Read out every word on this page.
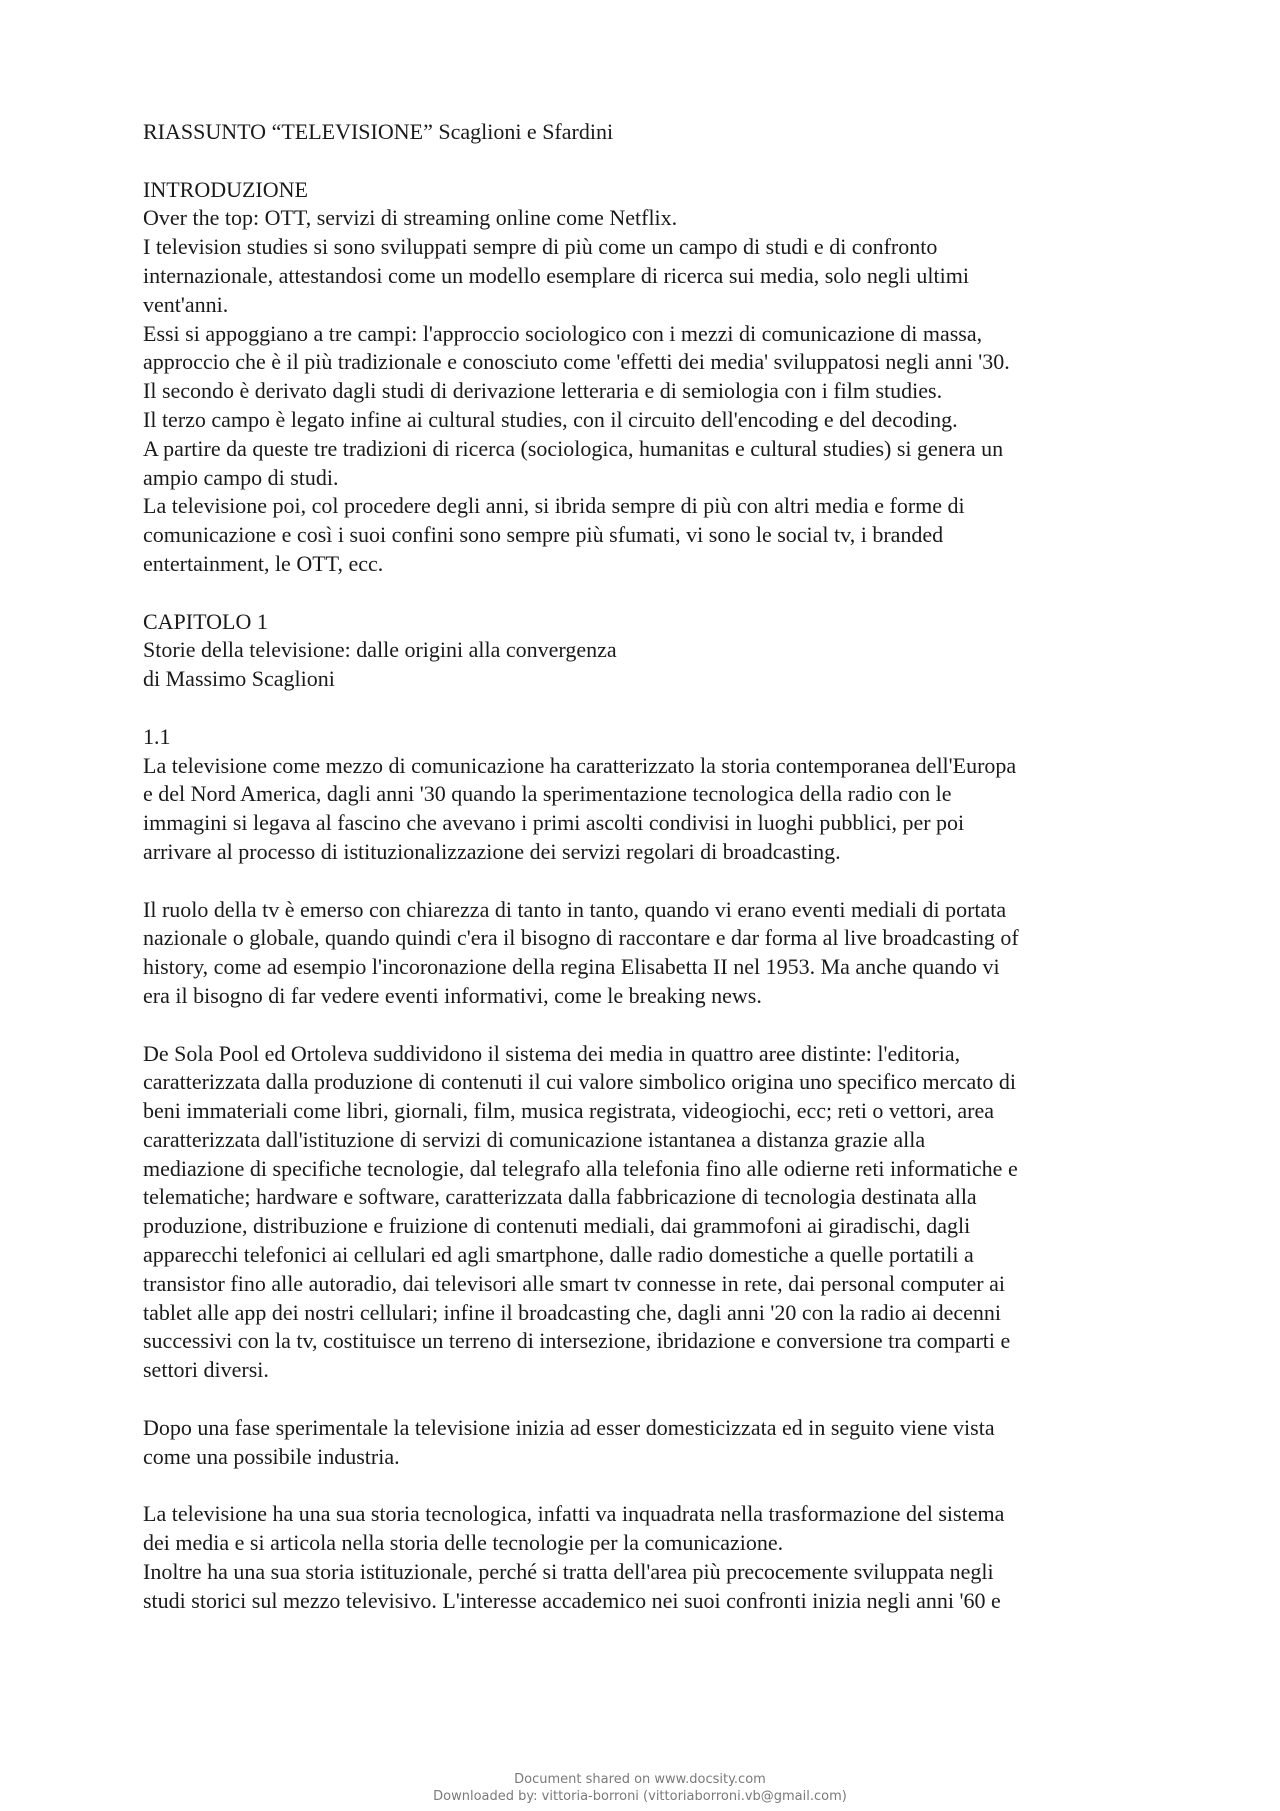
RIASSUNTO “TELEVISIONE” Scaglioni e Sfardini

INTRODUZIONE
Over the top: OTT, servizi di streaming online come Netflix.
I television studies si sono sviluppati sempre di più come un campo di studi e di confronto
internazionale, attestandosi come un modello esemplare di ricerca sui media, solo negli ultimi
vent'anni.
Essi si appoggiano a tre campi: l'approccio sociologico con i mezzi di comunicazione di massa,
approccio che è il più tradizionale e conosciuto come 'effetti dei media' sviluppatosi negli anni '30.
Il secondo è derivato dagli studi di derivazione letteraria e di semiologia con i film studies.
Il terzo campo è legato infine ai cultural studies, con il circuito dell'encoding e del decoding.
A partire da queste tre tradizioni di ricerca (sociologica, humanitas e cultural studies) si genera un
ampio campo di studi.
La televisione poi, col procedere degli anni, si ibrida sempre di più con altri media e forme di
comunicazione e così i suoi confini sono sempre più sfumati, vi sono le social tv, i branded
entertainment, le OTT, ecc.

CAPITOLO 1
Storie della televisione: dalle origini alla convergenza
di Massimo Scaglioni

1.1
La televisione come mezzo di comunicazione ha caratterizzato la storia contemporanea dell'Europa
e del Nord America, dagli anni '30 quando la sperimentazione tecnologica della radio con le
immagini si legava al fascino che avevano i primi ascolti condivisi in luoghi pubblici, per poi
arrivare al processo di istituzionalizzazione dei servizi regolari di broadcasting.

Il ruolo della tv è emerso con chiarezza di tanto in tanto, quando vi erano eventi mediali di portata
nazionale o globale, quando quindi c'era il bisogno di raccontare e dar forma al live broadcasting of
history, come ad esempio l'incoronazione della regina Elisabetta II nel 1953. Ma anche quando vi
era il bisogno di far vedere eventi informativi, come le breaking news.

De Sola Pool ed Ortoleva suddividono il sistema dei media in quattro aree distinte: l'editoria,
caratterizzata dalla produzione di contenuti il cui valore simbolico origina uno specifico mercato di
beni immateriali come libri, giornali, film, musica registrata, videogiochi, ecc; reti o vettori, area
caratterizzata dall'istituzione di servizi di comunicazione istantanea a distanza grazie alla
mediazione di specifiche tecnologie, dal telegrafo alla telefonia fino alle odierne reti informatiche e
telematiche; hardware e software, caratterizzata dalla fabbricazione di tecnologia destinata alla
produzione, distribuzione e fruizione di contenuti mediali, dai grammofoni ai giradischi, dagli
apparecchi telefonici ai cellulari ed agli smartphone, dalle radio domestiche a quelle portatili a
transistor fino alle autoradio, dai televisori alle smart tv connesse in rete, dai personal computer ai
tablet alle app dei nostri cellulari; infine il broadcasting che, dagli anni '20 con la radio ai decenni
successivi con la tv, costituisce un terreno di intersezione, ibridazione e conversione tra comparti e
settori diversi.

Dopo una fase sperimentale la televisione inizia ad esser domesticizzata ed in seguito viene vista
come una possibile industria.

La televisione ha una sua storia tecnologica, infatti va inquadrata nella trasformazione del sistema
dei media e si articola nella storia delle tecnologie per la comunicazione.
Inoltre ha una sua storia istituzionale, perché si tratta dell'area più precocemente sviluppata negli
studi storici sul mezzo televisivo. L'interesse accademico nei suoi confronti inizia negli anni '60 e

Document shared on www.docsity.com
Downloaded by: vittoria-borroni (vittoriaborroni.vb@gmail.com)
